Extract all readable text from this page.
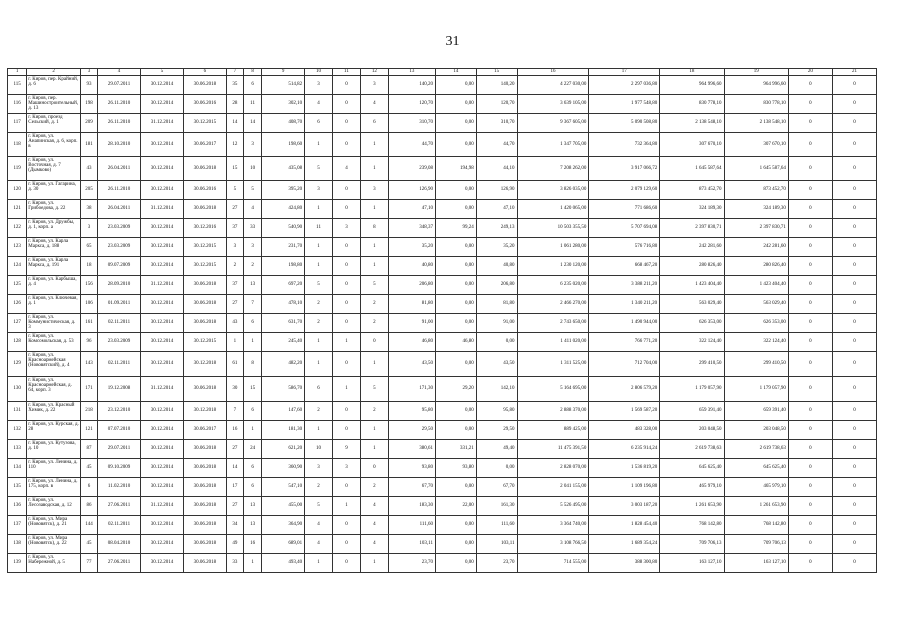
31
1	2	3	4	5	6	7	8	9	10	11	12	13	14	15	16	17	18	19	20	21
115	г. Киров, пер. Крайний, д. 6	93	29.07.2011	30.12.2014	30.06.2018	35	6	514,82	3	0	3	140,20	0,00	140,20	4 227 030,00	2 297 036,80	964 996,60	964 996,60	0	0
116	г. Киров, пер. Машиностроительный, д. 13	198	26.11.2010	30.12.2014	30.06.2016	28	11	302,10	4	0	4	120,70	0,00	120,70	3 639 105,00	1 977 548,80	830 778,10	830 778,10	0	0
117	г. Киров, проезд Сельский, д. 1	209	26.11.2010	31.12.2014	30.12.2015	14	14	408,70	6	0	6	310,70	0,00	310,70	9 367 605,00	5 090 508,80	2 138 548,10	2 138 548,10	0	0
118	г. Киров, ул. Анапинская, д. 6, корп. в	181	28.10.2010	30.12.2014	30.06.2017	12	3	198,60	1	0	1	44,70	0,00	44,70	1 347 705,00	732 364,80	307 670,10	307 670,10	0	0
119	г. Киров, ул. Восточная, д. 7 (Дымково)	43	26.04.2011	30.12.2014	30.06.2018	15	10	435,08	5	4	1	239,08	194,98	44,10	7 208 262,00	3 917 066,72	1 645 587,64	1 645 587,64	0	0
120	г. Киров, ул. Гагарина, д. 30	205	26.11.2010	30.12.2014	30.06.2016	5	5	395,20	3	0	3	126,90	0,00	126,90	3 826 035,00	2 079 129,60	873 452,70	873 452,70	0	0
121	г. Киров, ул. Грибоедова, д. 22	38	26.04.2011	31.12.2014	30.06.2018	27	4	424,80	1	0	1	47,10	0,00	47,10	1 420 065,00	771 686,60	324 189,30	324 189,30	0	0
122	г. Киров, ул. Дружбы, д. 1, корп. а	3	23.03.2009	30.12.2014	30.12.2016	37	33	540,90	11	3	8	348,37	99,24	249,13	10 503 355,50	5 707 694,08	2 397 830,71	2 397 830,71	0	0
123	г. Киров, ул. Карла Маркса, д. 188	65	23.03.2009	30.12.2014	30.12.2015	3	3	231,70	1	0	1	35,20	0,00	35,20	1 061 280,00	576 716,80	242 281,60	242 281,60	0	0
124	г. Киров, ул. Карла Маркса, д. 191	18	09.07.2009	30.12.2014	30.12.2015	2	2	198,80	1	0	1	40,80	0,00	40,80	1 230 120,00	668 467,20	280 826,40	280 826,40	0	0
125	г. Киров, ул. Карбыша, д. 4	156	28.09.2010	31.12.2014	30.06.2018	37	13	697,20	5	0	5	206,80	0,00	206,80	6 235 020,00	3 388 211,20	1 423 404,40	1 423 404,40	0	0
126	г. Киров, ул. Ключевая, д. 1	106	01.09.2011	30.12.2014	30.06.2018	27	7	478,10	2	0	2	81,80	0,00	81,80	2 466 270,00	1 340 211,20	563 029,40	563 029,40	0	0
127	г. Киров, ул. Коммунистическая, д. 3	161	02.11.2011	30.12.2014	30.06.2018	43	6	631,70	2	0	2	91,00	0,00	91,00	2 743 650,00	1 490 944,00	626 353,00	626 353,00	0	0
128	г. Киров, ул. Комсомольская, д. 53	96	23.03.2009	30.12.2014	30.12.2015	1	1	245,40	1	1	0	46,80	46,80	0,00	1 411 020,00	766 771,20	322 124,40	322 124,40	0	0
129	г. Киров, ул. Красноармейская (Нововятский), д. 4	143	02.11.2011	30.12.2014	30.12.2018	61	8	482,20	1	0	1	43,50	0,00	43,50	1 311 525,00	712 704,00	299 410,50	299 410,50	0	0
130	г. Киров, ул. Красноармейская, д. 64, корп. 3	171	19.12.2008	31.12.2014	30.06.2018	30	15	586,70	6	1	5	171,30	29,20	142,10	5 164 695,00	2 806 579,20	1 179 057,90	1 179 057,90	0	0
131	г. Киров, ул. Красный Химик, д. 22	218	23.12.2010	30.12.2014	30.12.2018	7	6	147,60	2	0	2	95,80	0,00	95,80	2 888 370,00	1 569 587,20	659 391,40	659 391,40	0	0
132	г. Киров, ул. Курская, д. 28	121	07.07.2010	30.12.2014	30.06.2017	16	1	181,30	1	0	1	29,50	0,00	29,50	889 425,00	483 328,00	203 048,50	203 048,50	0	0
133	г. Киров, ул. Кутузова, д. 10	87	29.07.2011	30.12.2014	30.06.2018	27	24	621,20	10	9	1	380,61	331,21	49,40	11 475 391,50	6 235 914,24	2 619 738,63	2 619 738,63	0	0
134	г. Киров, ул. Ленина, д. 110	45	09.10.2009	30.12.2014	30.06.2018	14	6	360,90	3	3	0	93,80	93,80	0,00	2 828 070,00	1 536 819,20	645 625,40	645 625,40	0	0
135	г. Киров, ул. Ленина, д. 175, корп. в	6	11.02.2010	30.12.2014	30.06.2018	17	6	547,10	2	0	2	67,70	0,00	67,70	2 041 155,00	1 109 196,80	465 979,10	465 979,10	0	0
136	г. Киров, ул. Лесозаводская, д. 12	86	27.06.2011	31.12.2014	30.06.2018	27	13	455,00	5	1	4	183,30	22,00	161,30	5 526 495,00	3 003 187,20	1 261 653,90	1 261 653,90	0	0
137	г. Киров, ул. Мира (Нововятск), д. 21	144	02.11.2011	30.12.2014	30.06.2018	34	13	364,90	4	0	4	111,60	0,00	111,60	3 364 740,00	1 828 454,40	768 142,80	768 142,80	0	0
138	г. Киров, ул. Мира (Нововятск), д. 22	45	08.04.2010	30.12.2014	30.06.2018	49	16	689,01	4	0	4	103,11	0,00	103,11	3 108 766,50	1 689 354,24	709 706,13	709 706,13	0	0
139	г. Киров, ул. Набережной, д. 5	77	27.06.2011	30.12.2014	30.06.2018	33	1	493,40	1	0	1	23,70	0,00	23,70	714 555,00	388 300,80	163 127,10	163 127,10	0	0
